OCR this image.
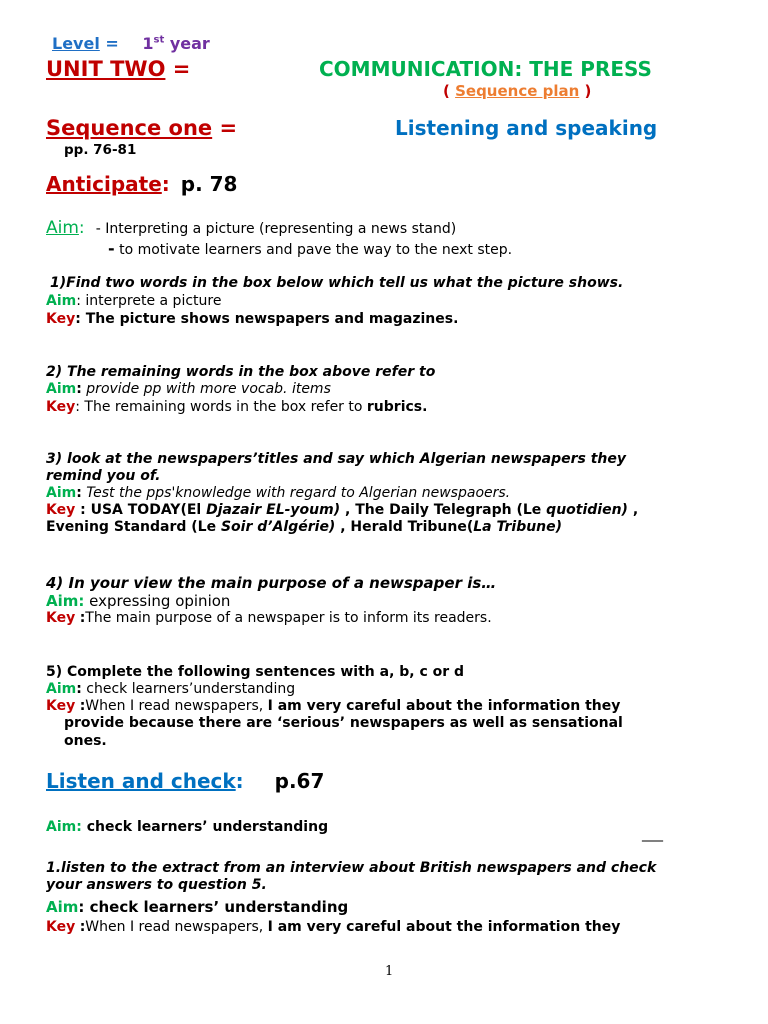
Level = 1st year
UNIT TWO =	COMMUNICATION: THE PRESS
( Sequence plan )
Sequence one =	Listening and speaking
pp. 76-81
Anticipate: p. 78
Aim: - Interpreting a picture (representing a news stand)
- to motivate learners and pave the way to the next step.
1)Find two words in the box below which tell us what the picture shows.
Aim: interprete a picture
Key: The picture shows newspapers and magazines.
2) The remaining words in the box above refer to
Aim: provide pp with more vocab. items
Key: The remaining words in the box refer to rubrics.
3) look at the newspapers’titles and say which Algerian newspapers they
remind you of.
Aim: Test the pps'knowledge with regard to Algerian newspaoers.
Key : USA TODAY(El Djazair EL-youm) , The Daily Telegraph (Le quotidien) ,
Evening Standard (Le Soir d’Algérie) , Herald Tribune(La Tribune)
4) In your view the main purpose of a newspaper is…
Aim: expressing opinion
Key :The main purpose of a newspaper is to inform its readers.
5) Complete the following sentences with a, b, c or d
Aim: check learners’understanding
Key :When I read newspapers, I am very careful about the information they
provide because there are ‘serious’ newspapers as well as sensational
ones.
Listen and check: p.67
Aim: check learners’ understanding	___
1.listen to the extract from an interview about British newspapers and check
your answers to question 5.
Aim: check learners’ understanding
Key :When I read newspapers, I am very careful about the information they
1
